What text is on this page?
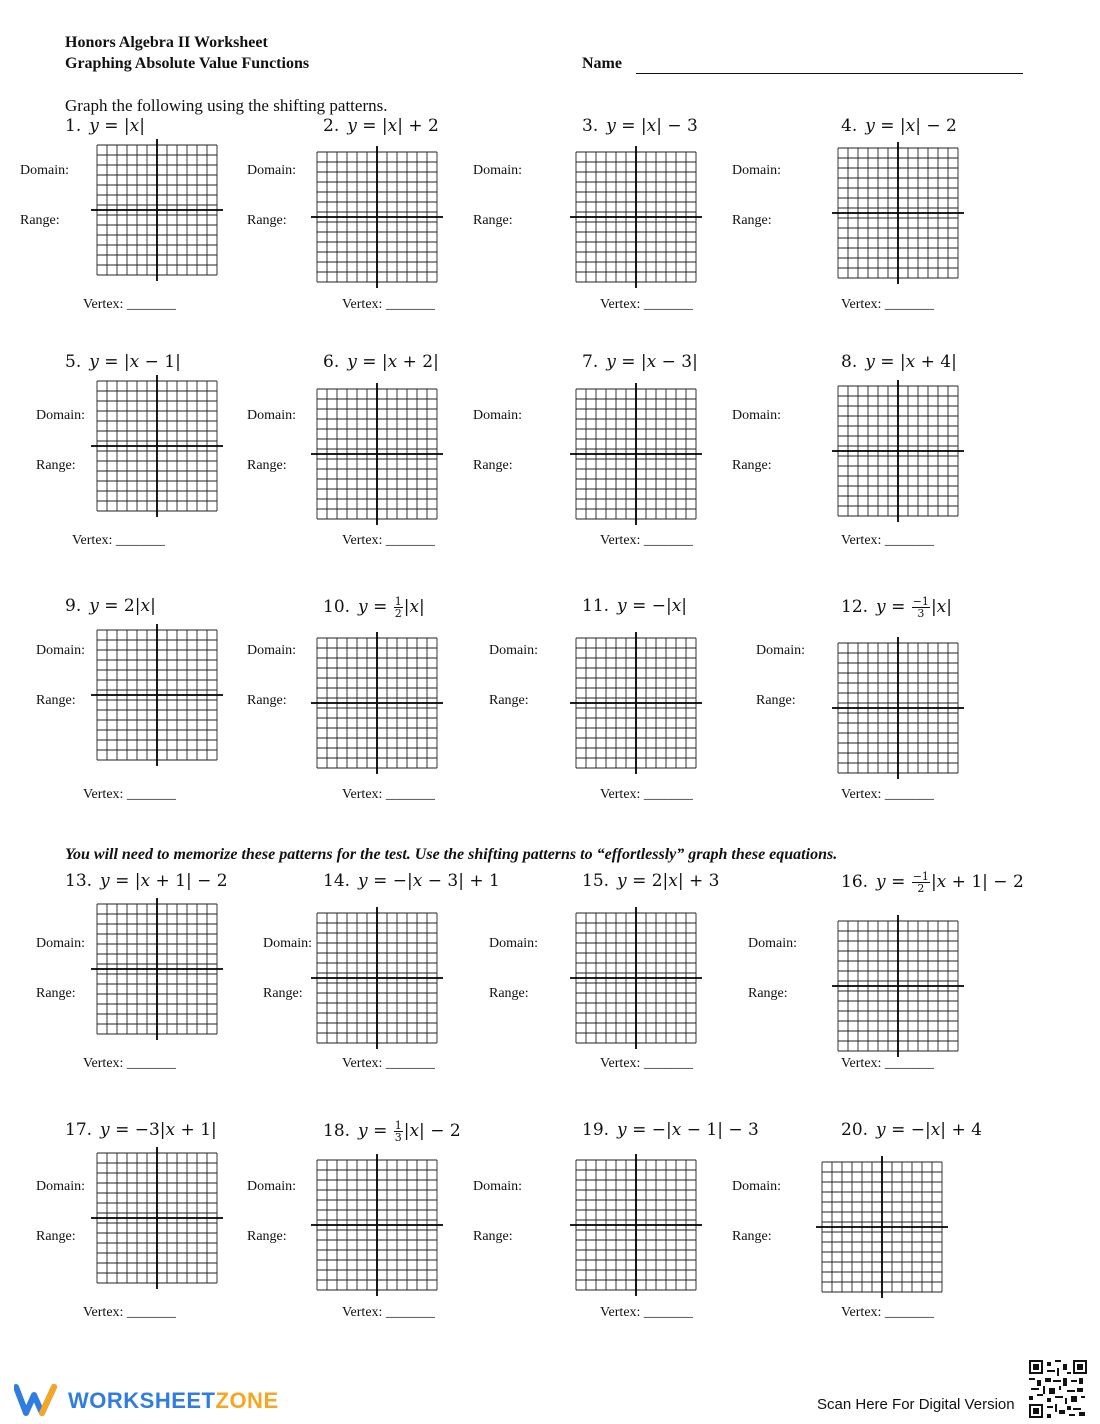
Honors Algebra II Worksheet
Graphing Absolute Value Functions	Name
Graph the following using the shifting patterns.
You will need to memorize these patterns for the test. Use the shifting patterns to “effortlessly” graph these equations.
1. y = |x|
Domain:
Range:
Vertex: _______
2. y = |x| + 2
Domain:
Range:
Vertex: _______
3. y = |x| − 3
Domain:
Range:
Vertex: _______
4. y = |x| − 2
Domain:
Range:
Vertex: _______
5. y = |x − 1|
Domain:
Range:
Vertex: _______
6. y = |x + 2|
Domain:
Range:
Vertex: _______
7. y = |x − 3|
Domain:
Range:
Vertex: _______
8. y = |x + 4|
Domain:
Range:
Vertex: _______
9. y = 2|x|
Domain:
Range:
Vertex: _______
10. $y = \frac{1}{2} |x|$
Domain:
Range:
Vertex: _______
11. y = −|x|
Domain:
Range:
Vertex: _______
12. $y = \frac{-1}{3} |x|$
Domain:
Range:
Vertex: _______
13. y = |x + 1| − 2
Domain:
Range:
Vertex: _______
14. y = −|x − 3| + 1
Domain:
Range:
Vertex: _______
15. y = 2|x| + 3
Domain:
Range:
Vertex: _______
16. $y = \frac{-1}{2} |x + 1| - 2$
Domain:
Range:
Vertex: _______
17. y = −3|x + 1|
Domain:
Range:
Vertex: _______
18. $y = \frac{1}{3} |x| - 2$
Domain:
Range:
Vertex: _______
19. y = −|x − 1| − 3
Domain:
Range:
Vertex: _______
20. y = −|x| + 4
Domain:
Range:
Vertex: _______
WORKSHEETZONE	Scan Here For Digital Version
